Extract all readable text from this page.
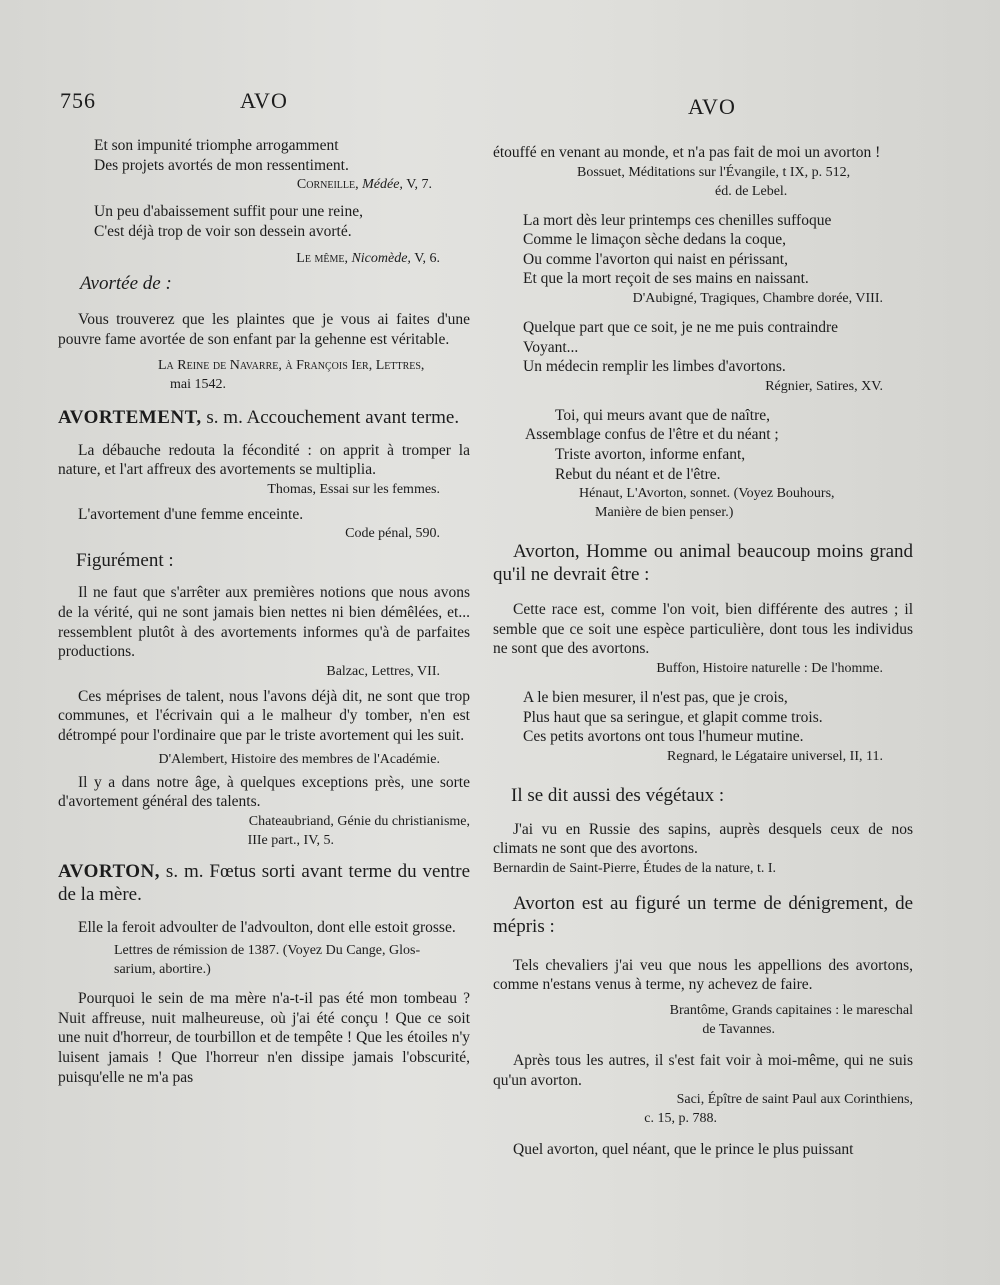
756	AVO	AVO
Et son impunité triomphe arrogamment
Des projets avortés de mon ressentiment.
Corneille, Médée, V, 7.
Un peu d'abaissement suffit pour une reine,
C'est déjà trop de voir son dessein avorté.
Le même, Nicomède, V, 6.

Avortée de :

Vous trouverez que les plaintes que je vous ai faites d'une pouvre fame avortée de son enfant par la gehenne est véritable.

La Reine de Navarre, à François Ier, Lettres,
mai 1542.

AVORTEMENT, s. m. Accouchement avant terme.

La débauche redouta la fécondité : on apprit à tromper la nature, et l'art affreux des avortements se multiplia.

Thomas, Essai sur les femmes.

L'avortement d'une femme enceinte.

Code pénal, 590.

Figurément :

Il ne faut que s'arrêter aux premières notions que nous avons de la vérité, qui ne sont jamais bien nettes ni bien démêlées, et... ressemblent plutôt à des avortements informes qu'à de parfaites productions.

Balzac, Lettres, VII.

Ces méprises de talent, nous l'avons déjà dit, ne sont que trop communes, et l'écrivain qui a le malheur d'y tomber, n'en est détrompé pour l'ordinaire que par le triste avortement qui les suit.

D'Alembert, Histoire des membres de l'Académie.

Il y a dans notre âge, à quelques exceptions près, une sorte d'avortement général des talents.

Chateaubriand, Génie du christianisme,
IIIe part., IV, 5.

AVORTON, s. m. Fœtus sorti avant terme du ventre de la mère.

Elle la feroit advoulter de l'advoulton, dont elle estoit grosse.

Lettres de rémission de 1387. (Voyez Du Cange, Glos-
sarium, abortire.)

Pourquoi le sein de ma mère n'a-t-il pas été mon tombeau ? Nuit affreuse, nuit malheureuse, où j'ai été conçu ! Que ce soit une nuit d'horreur, de tourbillon et de tempête ! Que les étoiles n'y luisent jamais ! Que l'horreur n'en dissipe jamais l'obscurité, puisqu'elle ne m'a pas

étouffé en venant au monde, et n'a pas fait de moi un avorton !

Bossuet, Méditations sur l'Évangile, t IX, p. 512,
éd. de Lebel.
La mort dès leur printemps ces chenilles suffoque
Comme le limaçon sèche dedans la coque,
Ou comme l'avorton qui naist en périssant,
Et que la mort reçoit de ses mains en naissant.
D'Aubigné, Tragiques, Chambre dorée, VIII.
Quelque part que ce soit, je ne me puis contraindre
Voyant...
Un médecin remplir les limbes d'avortons.
Régnier, Satires, XV.
Toi, qui meurs avant que de naître,
Assemblage confus de l'être et du néant ;
Triste avorton, informe enfant,
Rebut du néant et de l'être.
Hénaut, L'Avorton, sonnet. (Voyez Bouhours,
Manière de bien penser.)

Avorton, Homme ou animal beaucoup moins grand qu'il ne devrait être :

Cette race est, comme l'on voit, bien différente des autres ; il semble que ce soit une espèce particulière, dont tous les individus ne sont que des avortons.

Buffon, Histoire naturelle : De l'homme.
A le bien mesurer, il n'est pas, que je crois,
Plus haut que sa seringue, et glapit comme trois.
Ces petits avortons ont tous l'humeur mutine.
Regnard, le Légataire universel, II, 11.

Il se dit aussi des végétaux :

J'ai vu en Russie des sapins, auprès desquels ceux de nos climats ne sont que des avortons.

Bernardin de Saint-Pierre, Études de la nature, t. I.

Avorton est au figuré un terme de dénigrement, de mépris :

Tels chevaliers j'ai veu que nous les appellions des avortons, comme n'estans venus à terme, ny achevez de faire.

Brantôme, Grands capitaines : le mareschal
de Tavannes.

Après tous les autres, il s'est fait voir à moi-même, qui ne suis qu'un avorton.

Saci, Épître de saint Paul aux Corinthiens,
c. 15, p. 788.

Quel avorton, quel néant, que le prince le plus puissant
